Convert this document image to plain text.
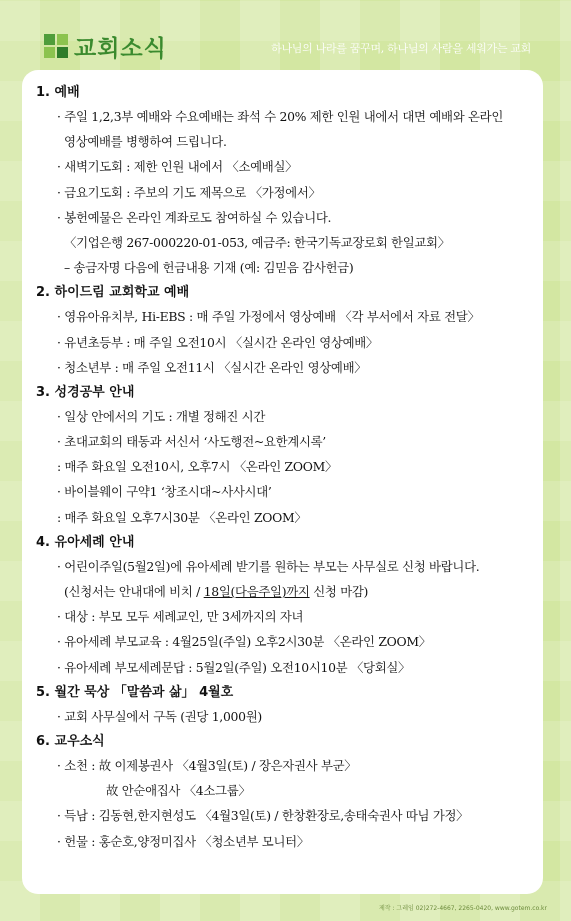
교회소식	하나님의 나라를 꿈꾸며, 하나님의 사람을 세워가는 교회
1. 예배
· 주일 1,2,3부 예배와 수요예배는 좌석 수 20% 제한 인원 내에서 대면 예배와 온라인
영상예배를 병행하여 드립니다.
· 새벽기도회 : 제한 인원 내에서 〈소예배실〉
· 금요기도회 : 주보의 기도 제목으로 〈가정에서〉
· 봉헌예물은 온라인 계좌로도 참여하실 수 있습니다.
〈기업은행 267-000220-01-053, 예금주: 한국기독교장로회 한일교회〉
– 송금자명 다음에 헌금내용 기재 (예: 김믿음 감사헌금)
2. 하이드림 교회학교 예배
· 영유아유치부, Hi-EBS : 매 주일 가정에서 영상예배 〈각 부서에서 자료 전달〉
· 유년초등부 : 매 주일 오전10시 〈실시간 온라인 영상예배〉
· 청소년부 : 매 주일 오전11시 〈실시간 온라인 영상예배〉
3. 성경공부 안내
· 일상 안에서의 기도 : 개별 정해진 시간
· 초대교회의 태동과 서신서 ‘사도행전~요한계시록’
: 매주 화요일 오전10시, 오후7시 〈온라인 ZOOM〉
· 바이블웨이 구약1 ‘창조시대~사사시대’
: 매주 화요일 오후7시30분 〈온라인 ZOOM〉
4. 유아세례 안내
· 어린이주일(5월2일)에 유아세례 받기를 원하는 부모는 사무실로 신청 바랍니다.
(신청서는 안내대에 비치 / 18일(다음주일)까지 신청 마감)
· 대상 : 부모 모두 세례교인, 만 3세까지의 자녀
· 유아세례 부모교육 : 4월25일(주일) 오후2시30분 〈온라인 ZOOM〉
· 유아세례 부모세례문답 : 5월2일(주일) 오전10시10분 〈당회실〉
5. 월간 묵상 「말씀과 삶」 4월호
· 교회 사무실에서 구독 (권당 1,000원)
6. 교우소식
· 소천 : 故 이제봉권사 〈4월3일(토) / 장은자권사 부군〉
故 안순애집사 〈4소그룹〉
· 득남 : 김동현,한지현성도 〈4월3일(토) / 한창환장로,송태숙권사 따님 가정〉
· 헌물 : 홍순호,양정미집사 〈청소년부 모니터〉
제작 : 그레임 02)272-4667, 2265-0420, www.gotem.co.kr
